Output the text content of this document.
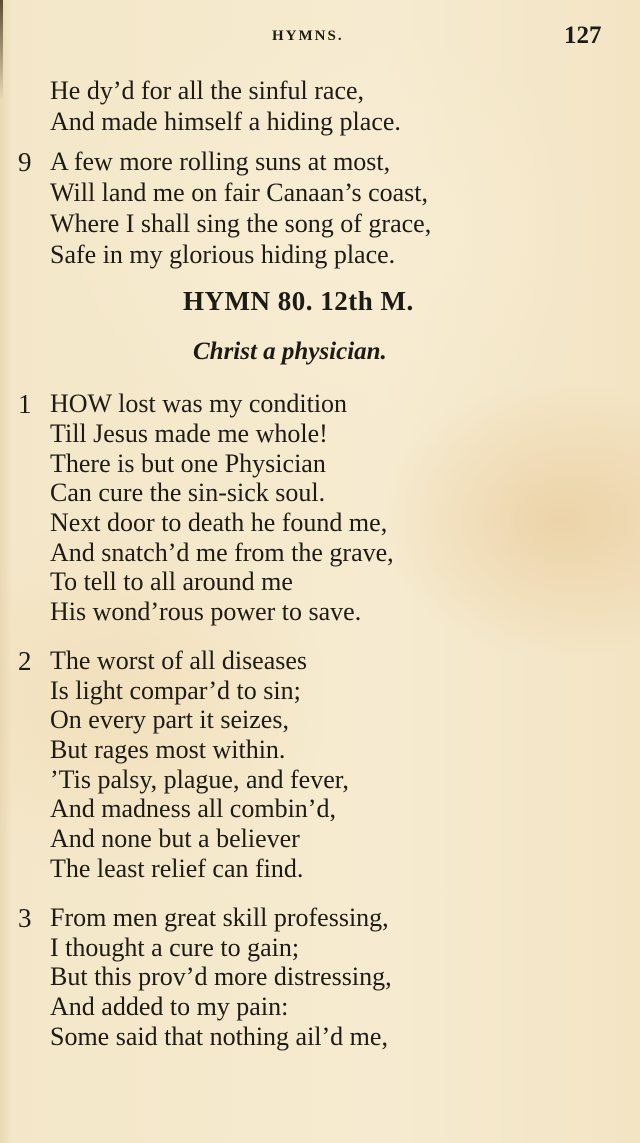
HYMNS.	127
He dy’d for all the sinful race,
And made himself a hiding place.
9 A few more rolling suns at most,
Will land me on fair Canaan’s coast,
Where I shall sing the song of grace,
Safe in my glorious hiding place.
HYMN 80. 12th M.
Christ a physician.
1 HOW lost was my condition
Till Jesus made me whole!
There is but one Physician
Can cure the sin-sick soul.
Next door to death he found me,
And snatch’d me from the grave,
To tell to all around me
His wond’rous power to save.
2 The worst of all diseases
Is light compar’d to sin;
On every part it seizes,
But rages most within.
’Tis palsy, plague, and fever,
And madness all combin’d,
And none but a believer
The least relief can find.
3 From men great skill professing,
I thought a cure to gain;
But this prov’d more distressing,
And added to my pain:
Some said that nothing ail’d me,
